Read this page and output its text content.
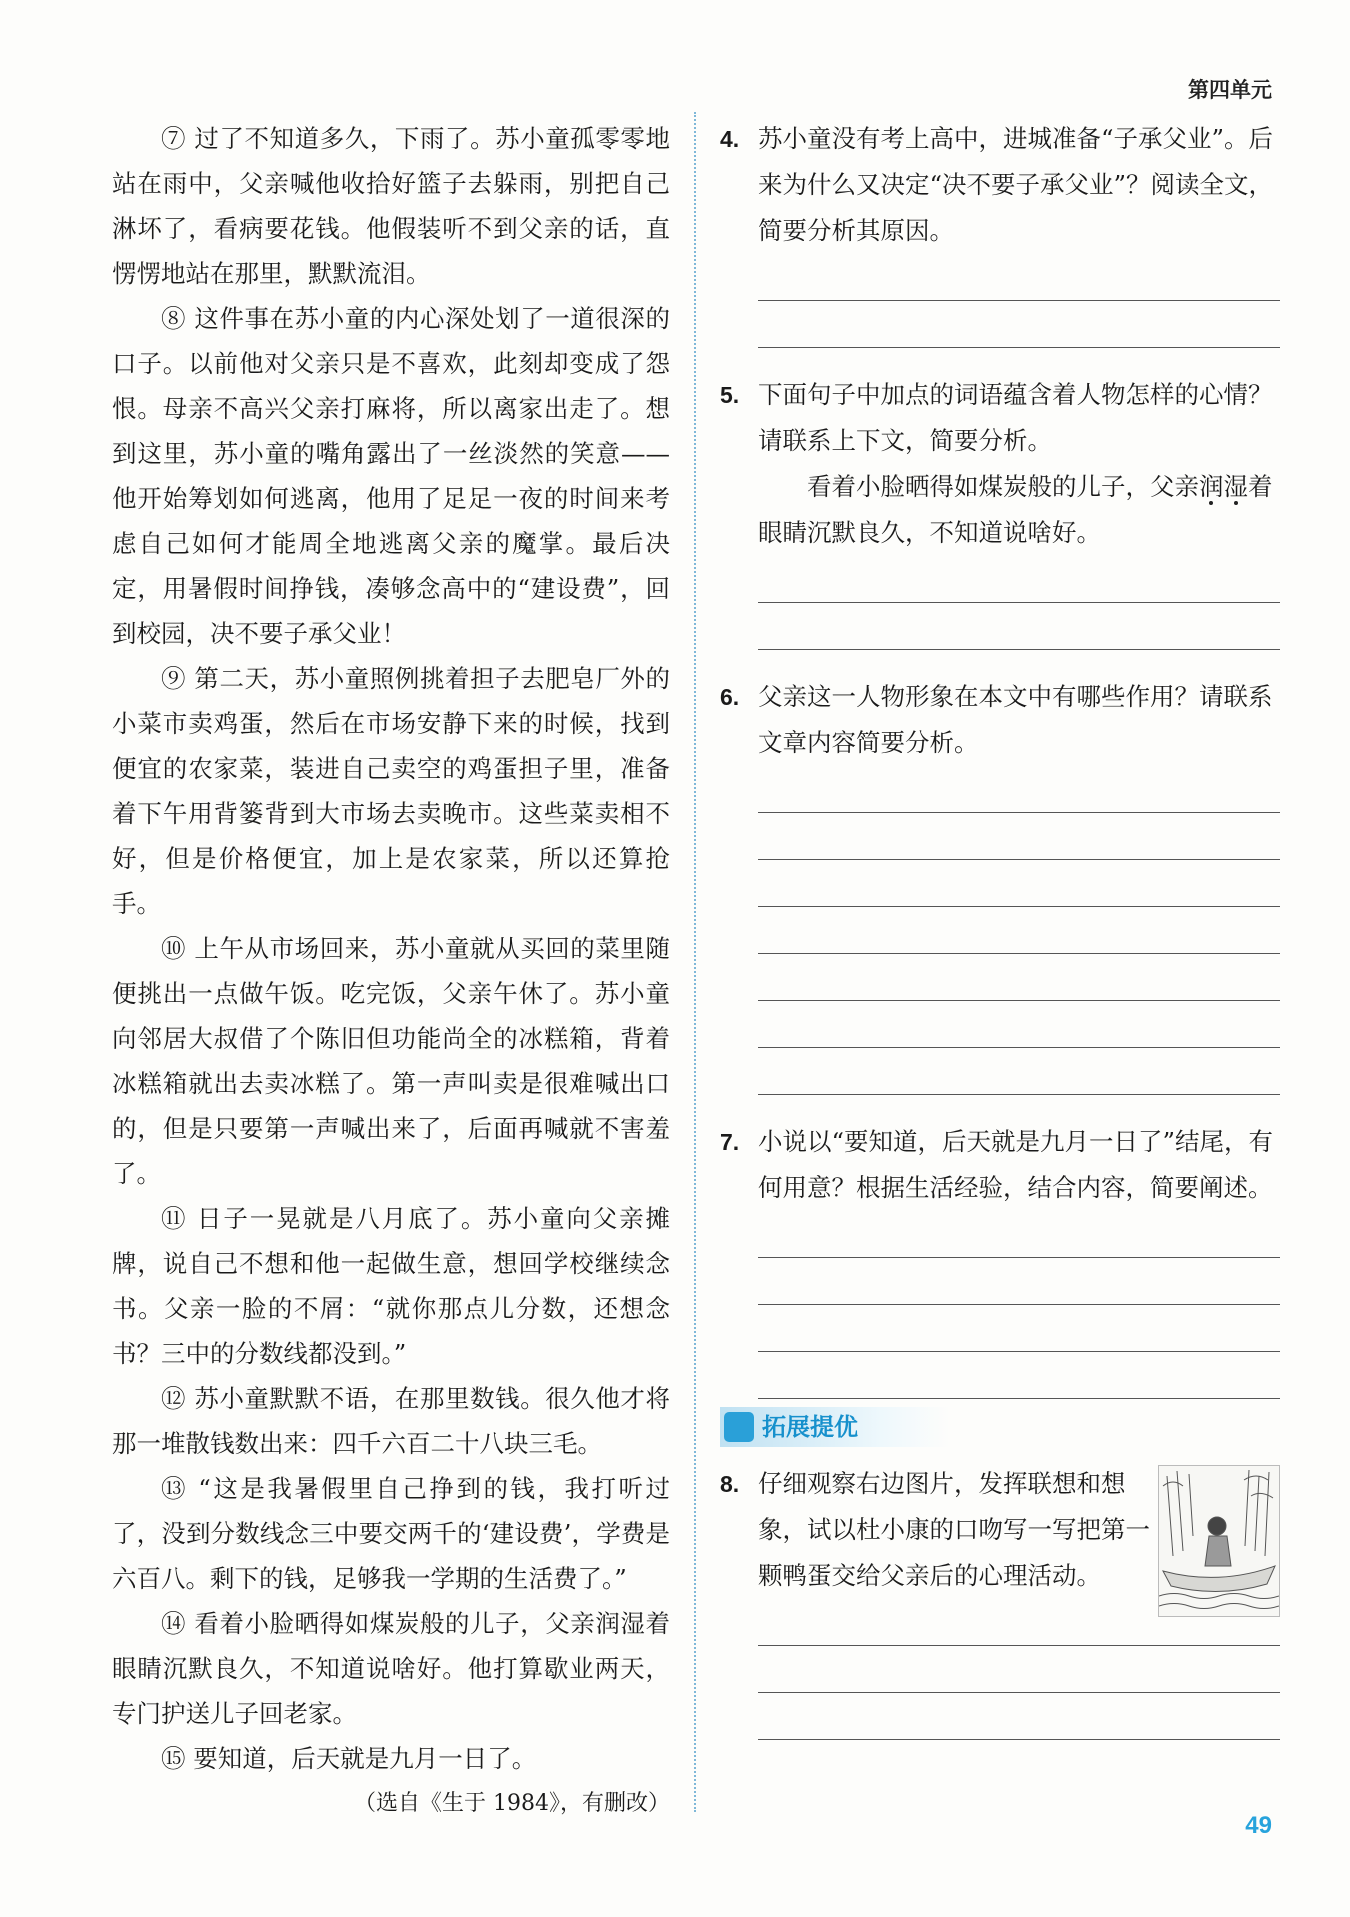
第四单元

⑦ 过了不知道多久，下雨了。苏小童孤零零地站在雨中，父亲喊他收拾好篮子去躲雨，别把自己淋坏了，看病要花钱。他假装听不到父亲的话，直愣愣地站在那里，默默流泪。

⑧ 这件事在苏小童的内心深处划了一道很深的口子。以前他对父亲只是不喜欢，此刻却变成了怨恨。母亲不高兴父亲打麻将，所以离家出走了。想到这里，苏小童的嘴角露出了一丝淡然的笑意——他开始筹划如何逃离，他用了足足一夜的时间来考虑自己如何才能周全地逃离父亲的魔掌。最后决定，用暑假时间挣钱，凑够念高中的“建设费”，回到校园，决不要子承父业！

⑨ 第二天，苏小童照例挑着担子去肥皂厂外的小菜市卖鸡蛋，然后在市场安静下来的时候，找到便宜的农家菜，装进自己卖空的鸡蛋担子里，准备着下午用背篓背到大市场去卖晚市。这些菜卖相不好，但是价格便宜，加上是农家菜，所以还算抢手。

⑩ 上午从市场回来，苏小童就从买回的菜里随便挑出一点做午饭。吃完饭，父亲午休了。苏小童向邻居大叔借了个陈旧但功能尚全的冰糕箱，背着冰糕箱就出去卖冰糕了。第一声叫卖是很难喊出口的，但是只要第一声喊出来了，后面再喊就不害羞了。

⑪ 日子一晃就是八月底了。苏小童向父亲摊牌，说自己不想和他一起做生意，想回学校继续念书。父亲一脸的不屑：“就你那点儿分数，还想念书？三中的分数线都没到。”

⑫ 苏小童默默不语，在那里数钱。很久他才将那一堆散钱数出来：四千六百二十八块三毛。

⑬ “这是我暑假里自己挣到的钱，我打听过了，没到分数线念三中要交两千的‘建设费’，学费是六百八。剩下的钱，足够我一学期的生活费了。”

⑭ 看着小脸晒得如煤炭般的儿子，父亲润湿着眼睛沉默良久，不知道说啥好。他打算歇业两天，专门护送儿子回老家。

⑮ 要知道，后天就是九月一日了。

（选自《生于 1984》，有删改）

4. 苏小童没有考上高中，进城准备“子承父业”。后来为什么又决定“决不要子承父业”？阅读全文，简要分析其原因。
5. 下面句子中加点的词语蕴含着人物怎样的心情？请联系上下文，简要分析。
看着小脸晒得如煤炭般的儿子，父亲润湿着眼睛沉默良久，不知道说啥好。
6. 父亲这一人物形象在本文中有哪些作用？请联系文章内容简要分析。
7. 小说以“要知道，后天就是九月一日了”结尾，有何用意？根据生活经验，结合内容，简要阐述。
拓展提优
8. 仔细观察右边图片，发挥联想和想象，试以杜小康的口吻写一写把第一颗鸭蛋交给父亲后的心理活动。
49
